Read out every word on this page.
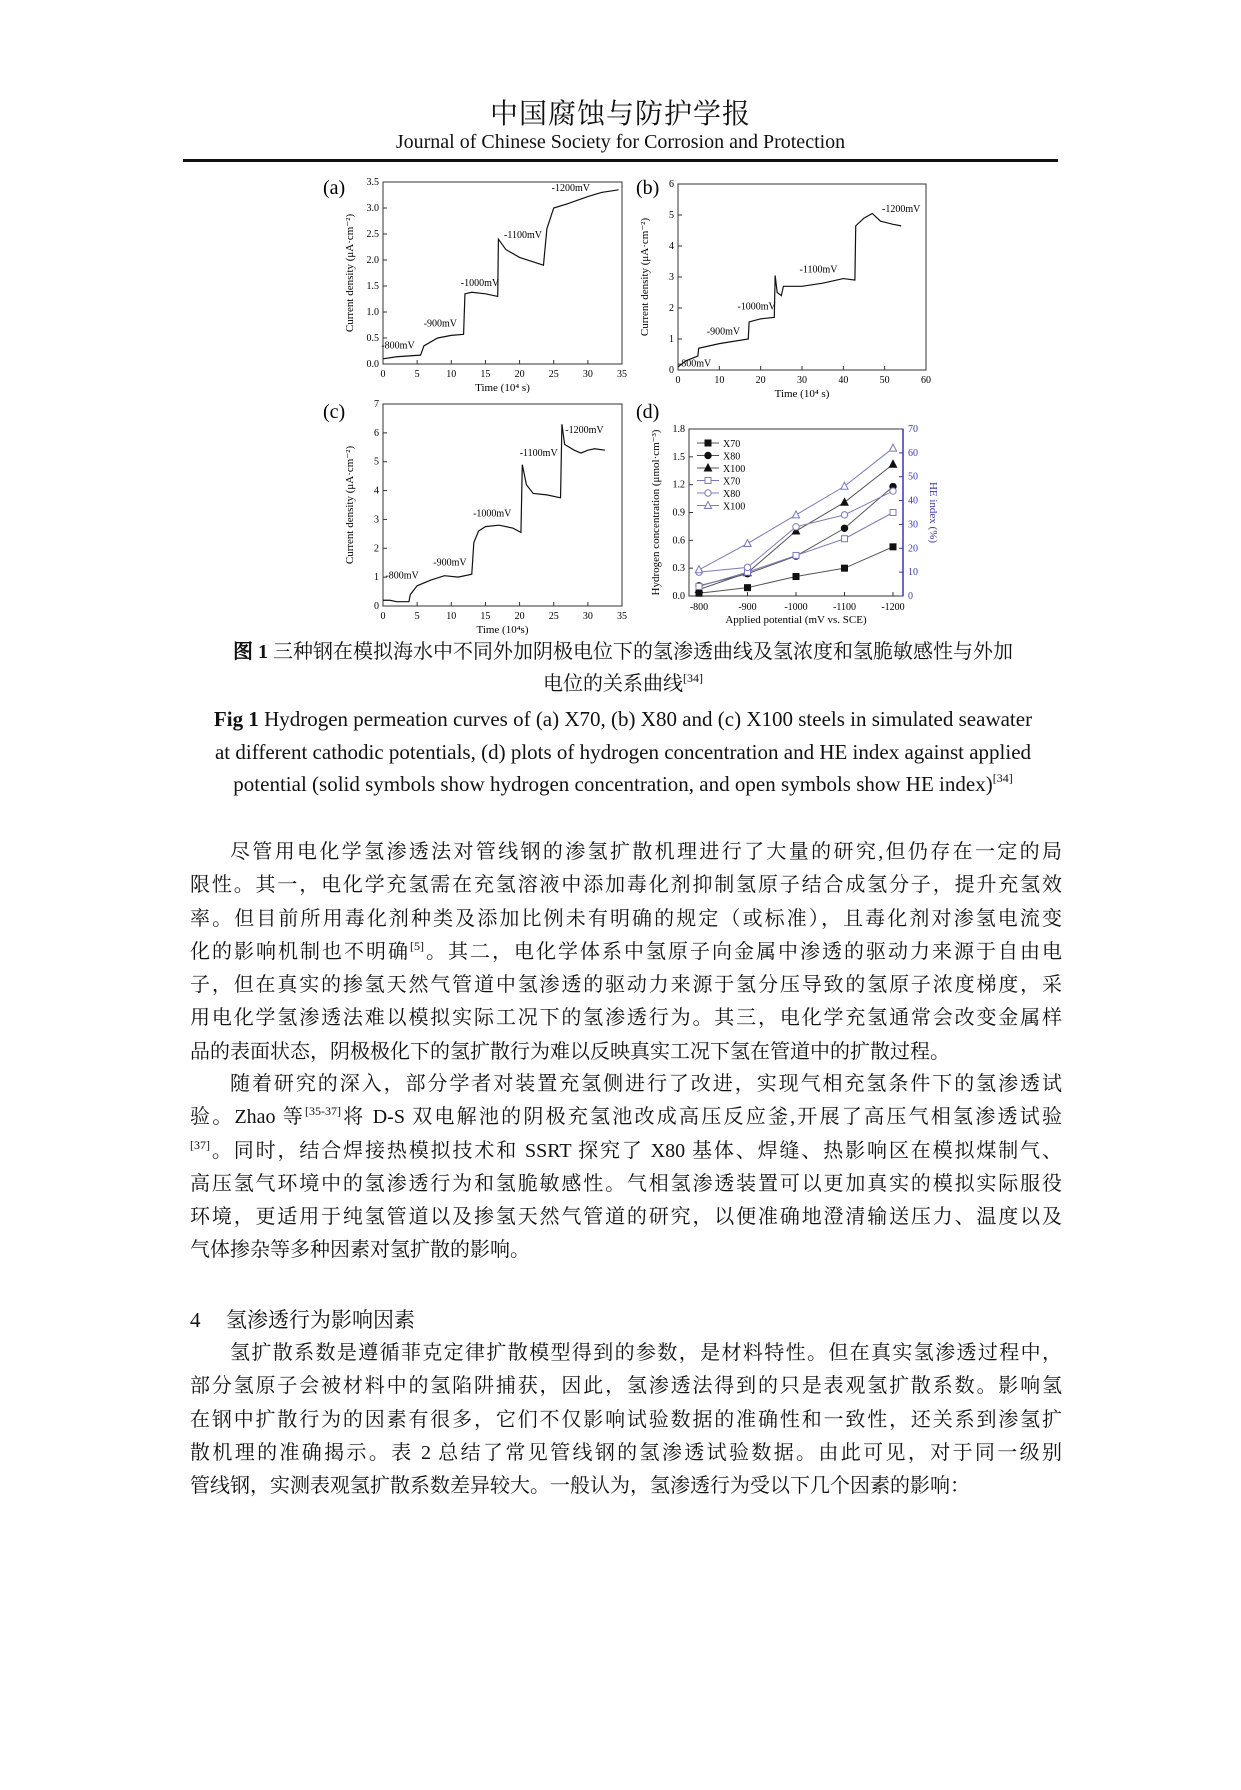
中国腐蚀与防护学报
Journal of Chinese Society for Corrosion and Protection
(a)
0	5	10 15 20 25 30 35
0.0
0.5
1.0
1.5
2.0
2.5
3.0
3.5
Time (10⁴ s)
Current density (μA·cm⁻²)
-800mV
-900mV
-1000mV
-1100mV
-1200mV (b)
0	10	20	30	40	50	60
0
1
2
3
4
5
6
Time (10⁴ s)
Current density (μA·cm⁻²)
-800mV
-900mV
-1000mV
-1100mV
-1200mV
(c)
0	5	10 15 20 25 30 35
0
1
2
3
4
5
6
7
Time (10⁴s)
Current density (μA·cm⁻²)
-800mV
-900mV
-1000mV
-1100mV
-1200mV
(d)
-800	-900	-1000	-1100	-1200
0.0
0.3
0.6
0.9
1.2
1.5
1.8
Applied potential (mV vs. SCE)
Hydrogen concentration (μmol·cm⁻³)
0
10
20
30
40
50
60
70
HE index (%)
X70
X80
X100
X70
X80
X100
图 1 三种钢在模拟海水中不同外加阴极电位下的氢渗透曲线及氢浓度和氢脆敏感性与外加
电位的关系曲线[34]
Fig 1 Hydrogen permeation curves of (a) X70, (b) X80 and (c) X100 steels in simulated seawater
at different cathodic potentials, (d) plots of hydrogen concentration and HE index against applied
potential (solid symbols show hydrogen concentration, and open symbols show HE index)[34]
尽管用电化学氢渗透法对管线钢的渗氢扩散机理进行了大量的研究,但仍存在一定的局
限性。其一，电化学充氢需在充氢溶液中添加毒化剂抑制氢原子结合成氢分子，提升充氢效
率。但目前所用毒化剂种类及添加比例未有明确的规定（或标准），且毒化剂对渗氢电流变
化的影响机制也不明确[5]。其二，电化学体系中氢原子向金属中渗透的驱动力来源于自由电
子，但在真实的掺氢天然气管道中氢渗透的驱动力来源于氢分压导致的氢原子浓度梯度，采
用电化学氢渗透法难以模拟实际工况下的氢渗透行为。其三，电化学充氢通常会改变金属样
品的表面状态，阴极极化下的氢扩散行为难以反映真实工况下氢在管道中的扩散过程。
随着研究的深入，部分学者对装置充氢侧进行了改进，实现气相充氢条件下的氢渗透试
验。Zhao 等[35-37]将 D-S 双电解池的阴极充氢池改成高压反应釜,开展了高压气相氢渗透试验
[37]。同时，结合焊接热模拟技术和 SSRT 探究了 X80 基体、焊缝、热影响区在模拟煤制气、
高压氢气环境中的氢渗透行为和氢脆敏感性。气相氢渗透装置可以更加真实的模拟实际服役
环境，更适用于纯氢管道以及掺氢天然气管道的研究，以便准确地澄清输送压力、温度以及
气体掺杂等多种因素对氢扩散的影响。
4 氢渗透行为影响因素
氢扩散系数是遵循菲克定律扩散模型得到的参数，是材料特性。但在真实氢渗透过程中，
部分氢原子会被材料中的氢陷阱捕获，因此，氢渗透法得到的只是表观氢扩散系数。影响氢
在钢中扩散行为的因素有很多，它们不仅影响试验数据的准确性和一致性，还关系到渗氢扩
散机理的准确揭示。表 2 总结了常见管线钢的氢渗透试验数据。由此可见，对于同一级别
管线钢，实测表观氢扩散系数差异较大。一般认为，氢渗透行为受以下几个因素的影响：
